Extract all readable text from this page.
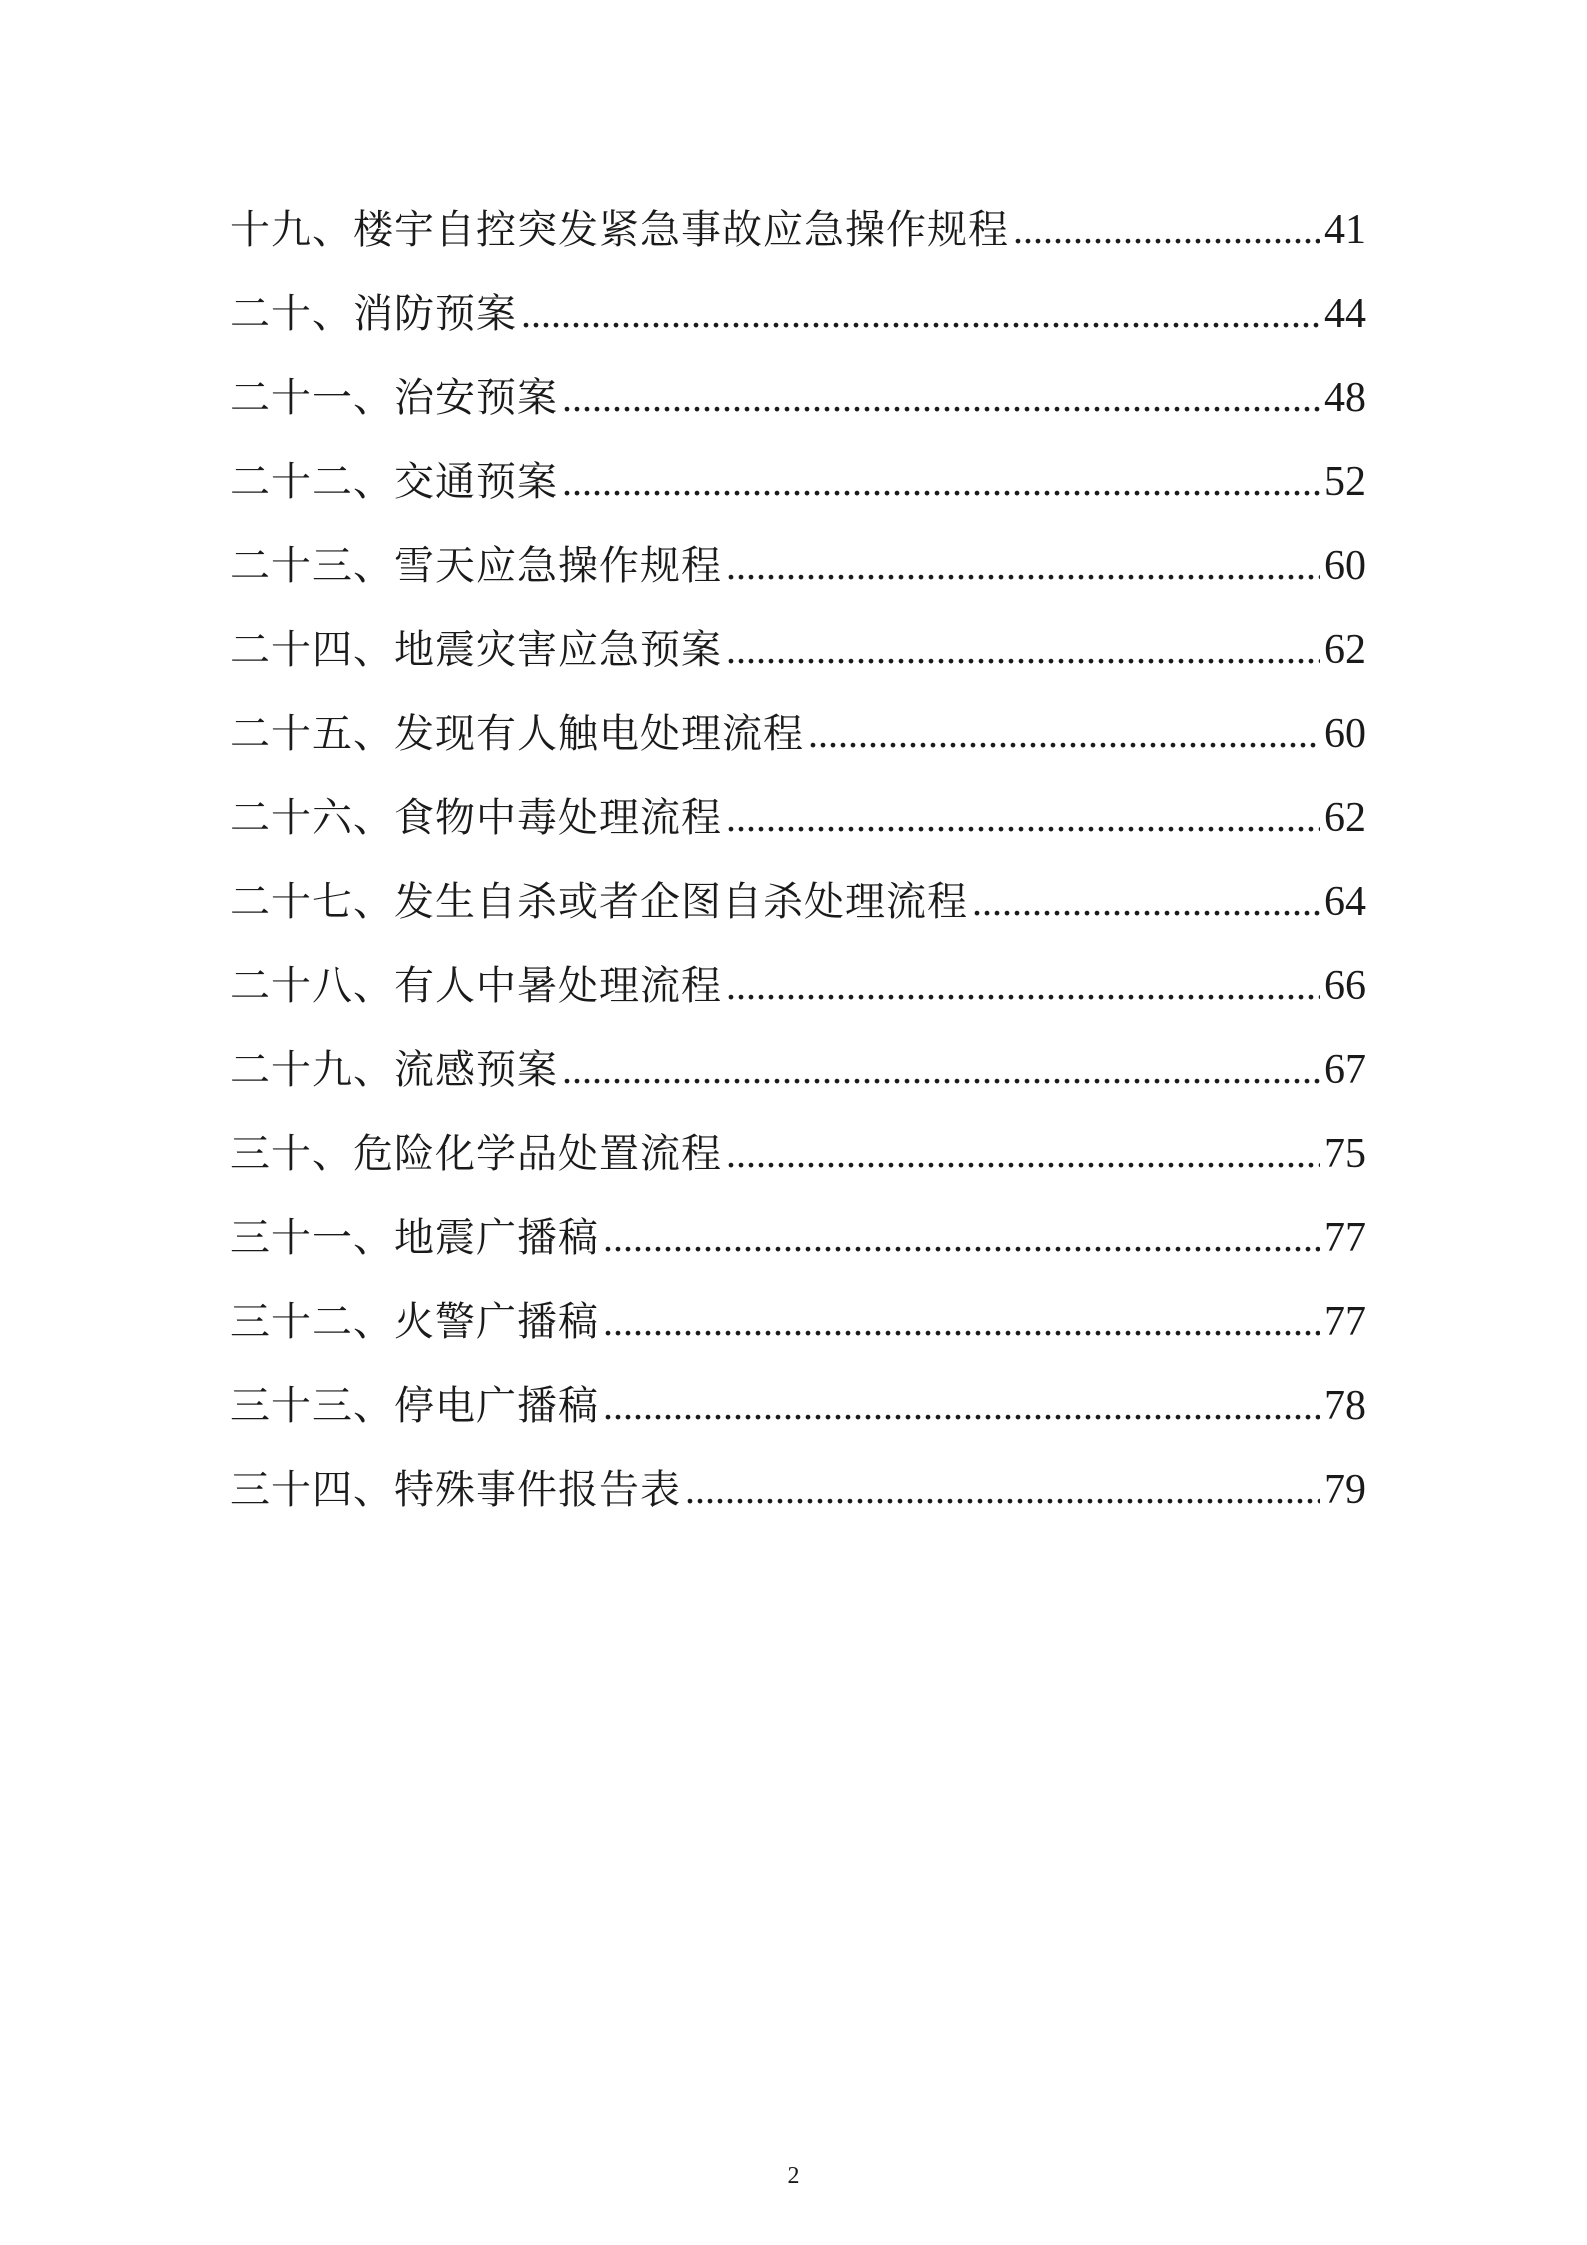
十九、楼宇自控突发紧急事故应急操作规程 .....	41
二十、消防预案 .....	44
二十一、治安预案 .....	48
二十二、交通预案 .....	52
二十三、雪天应急操作规程 .....	60
二十四、地震灾害应急预案 .....	62
二十五、发现有人触电处理流程 .....	60
二十六、食物中毒处理流程 .....	62
二十七、发生自杀或者企图自杀处理流程 .....	64
二十八、有人中暑处理流程 .....	66
二十九、流感预案 .....	67
三十、危险化学品处置流程 .....	75
三十一、地震广播稿 .....	77
三十二、火警广播稿 .....	77
三十三、停电广播稿 .....	78
三十四、特殊事件报告表 .....	79
2
